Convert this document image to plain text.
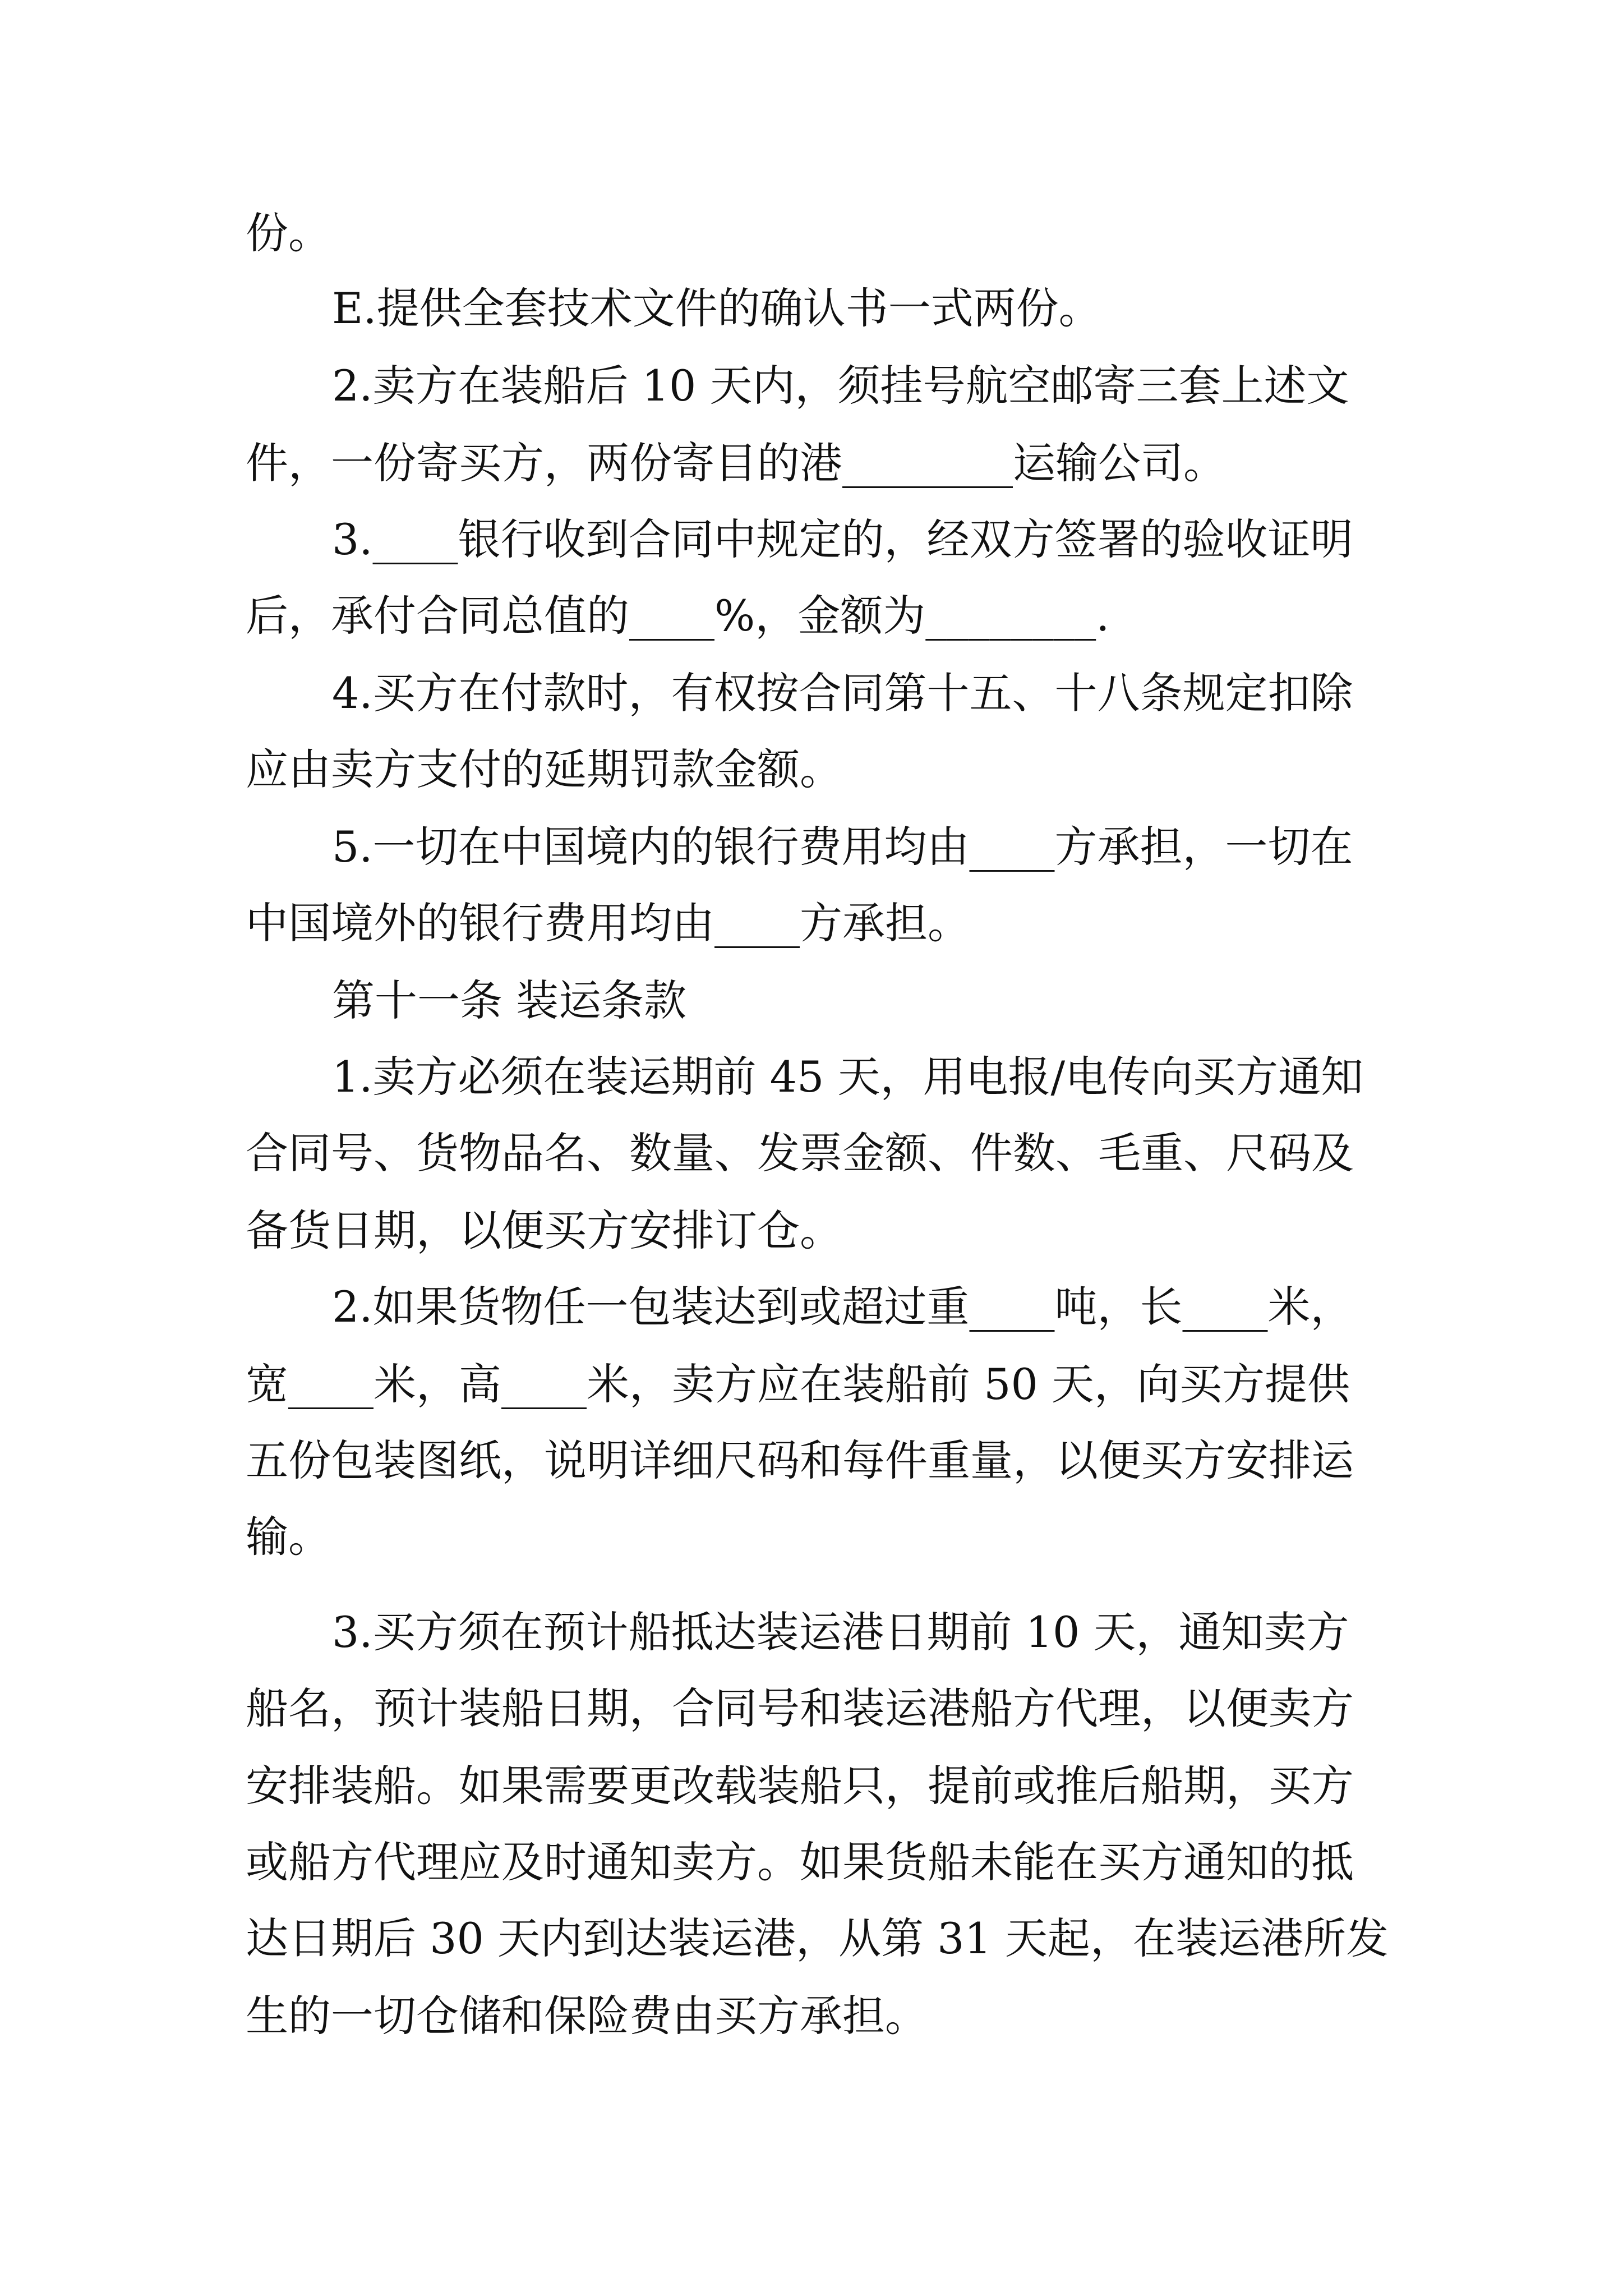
份。
E.提供全套技术文件的确认书一式两份。
2.卖方在装船后 10 天内，须挂号航空邮寄三套上述文
件，一份寄买方，两份寄目的港________运输公司。
3.____银行收到合同中规定的，经双方签署的验收证明
后，承付合同总值的____%，金额为________.
4.买方在付款时，有权按合同第十五、十八条规定扣除
应由卖方支付的延期罚款金额。
5.一切在中国境内的银行费用均由____方承担，一切在
中国境外的银行费用均由____方承担。
第十一条 装运条款
1.卖方必须在装运期前 45 天，用电报/电传向买方通知
合同号、货物品名、数量、发票金额、件数、毛重、尺码及
备货日期，以便买方安排订仓。
2.如果货物任一包装达到或超过重____吨，长____米，
宽____米，高____米，卖方应在装船前 50 天，向买方提供
五份包装图纸，说明详细尺码和每件重量，以便买方安排运
输。
3.买方须在预计船抵达装运港日期前 10 天，通知卖方
船名，预计装船日期，合同号和装运港船方代理，以便卖方
安排装船。如果需要更改载装船只，提前或推后船期，买方
或船方代理应及时通知卖方。如果货船未能在买方通知的抵
达日期后 30 天内到达装运港，从第 31 天起，在装运港所发
生的一切仓储和保险费由买方承担。
